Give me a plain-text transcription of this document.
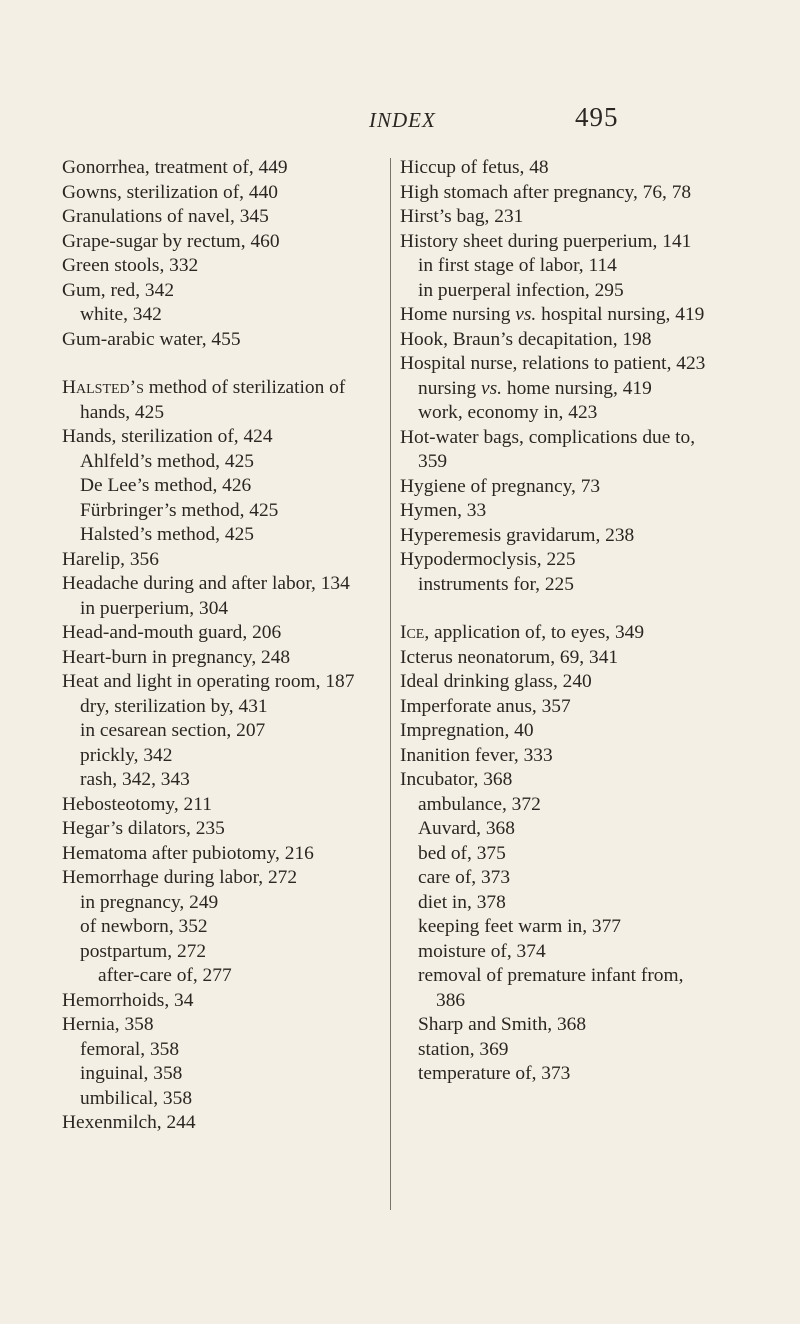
INDEX	495
Gonorrhea, treatment of, 449
Gowns, sterilization of, 440
Granulations of navel, 345
Grape-sugar by rectum, 460
Green stools, 332
Gum, red, 342
white, 342
Gum-arabic water, 455
Halsted’s method of sterilization of hands, 425
Hands, sterilization of, 424
Ahlfeld’s method, 425
De Lee’s method, 426
Fürbringer’s method, 425
Halsted’s method, 425
Harelip, 356
Headache during and after labor, 134
in puerperium, 304
Head-and-mouth guard, 206
Heart-burn in pregnancy, 248
Heat and light in operating room, 187
dry, sterilization by, 431
in cesarean section, 207
prickly, 342
rash, 342, 343
Hebosteotomy, 211
Hegar’s dilators, 235
Hematoma after pubiotomy, 216
Hemorrhage during labor, 272
in pregnancy, 249
of newborn, 352
postpartum, 272
after-care of, 277
Hemorrhoids, 34
Hernia, 358
femoral, 358
inguinal, 358
umbilical, 358
Hexenmilch, 244
Hiccup of fetus, 48
High stomach after pregnancy, 76, 78
Hirst’s bag, 231
History sheet during puerperium, 141
in first stage of labor, 114
in puerperal infection, 295
Home nursing vs. hospital nursing, 419
Hook, Braun’s decapitation, 198
Hospital nurse, relations to patient, 423
nursing vs. home nursing, 419
work, economy in, 423
Hot-water bags, complications due to, 359
Hygiene of pregnancy, 73
Hymen, 33
Hyperemesis gravidarum, 238
Hypodermoclysis, 225
instruments for, 225
Ice, application of, to eyes, 349
Icterus neonatorum, 69, 341
Ideal drinking glass, 240
Imperforate anus, 357
Impregnation, 40
Inanition fever, 333
Incubator, 368
ambulance, 372
Auvard, 368
bed of, 375
care of, 373
diet in, 378
keeping feet warm in, 377
moisture of, 374
removal of premature infant from, 386
Sharp and Smith, 368
station, 369
temperature of, 373
